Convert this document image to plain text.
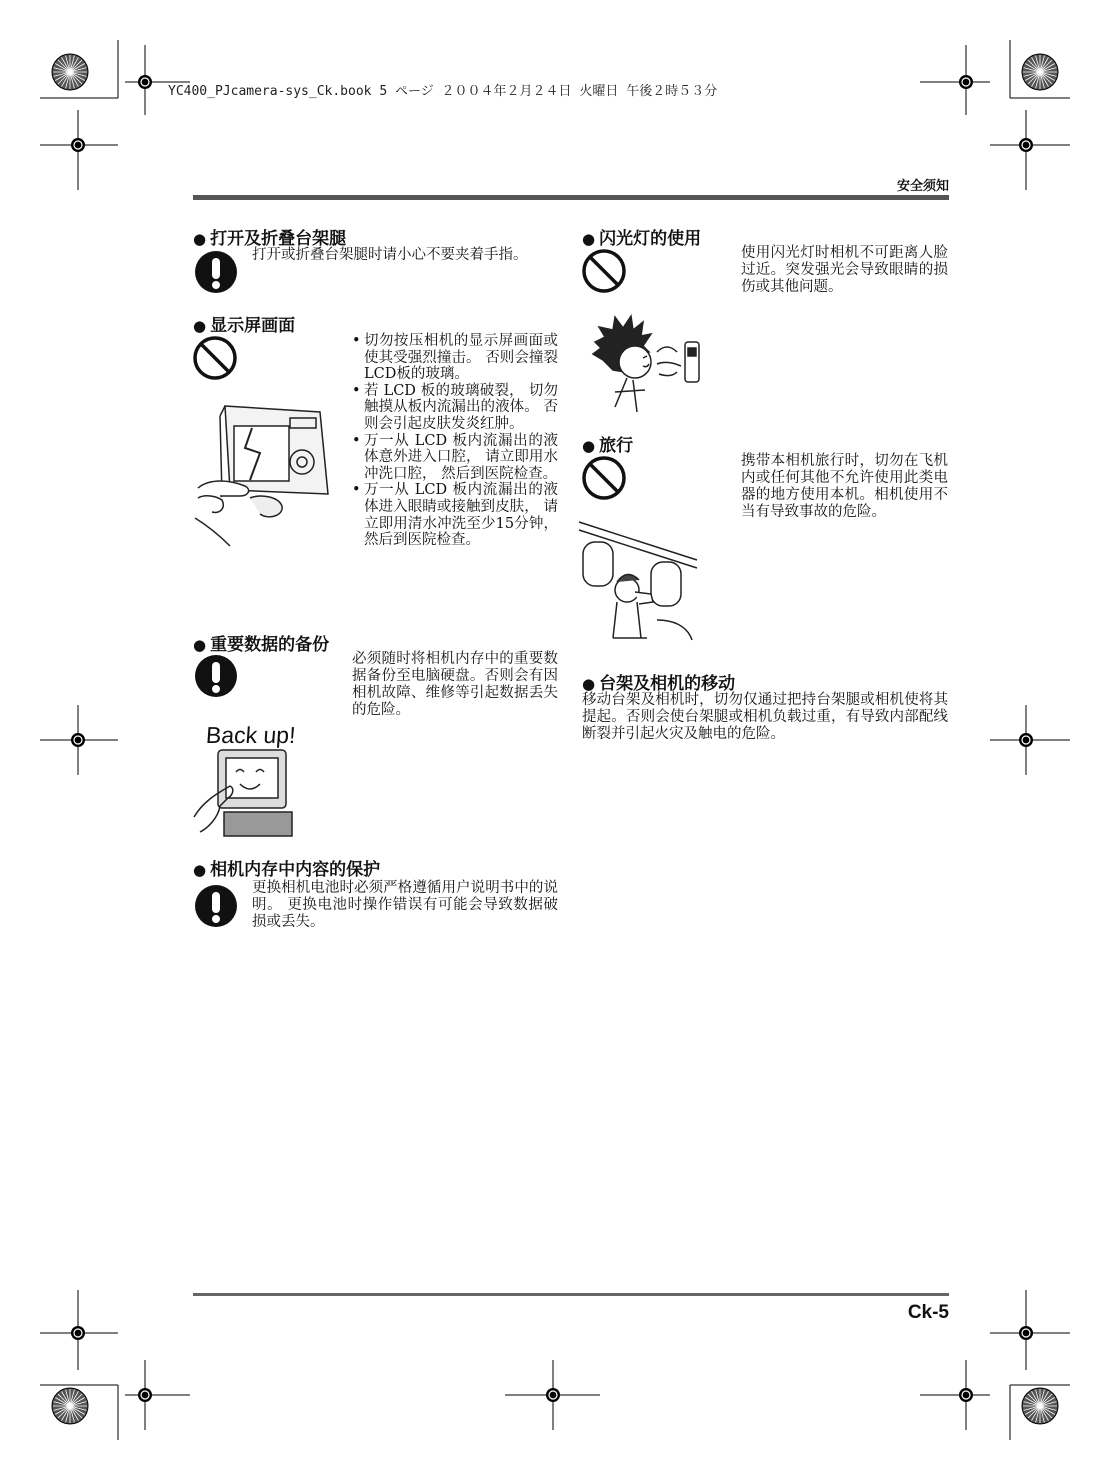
YC400_PJcamera-sys_Ck.book 5 ページ ２００４年２月２４日 火曜日 午後２時５３分
安全须知
● 打开及折叠台架腿
打开或折叠台架腿时请小心不要夹着手指。
● 显示屏画面
• 切勿按压相机的显示屏画面或使其受强烈撞击。 否则会撞裂LCD板的玻璃。
• 若 LCD 板的玻璃破裂， 切勿触摸从板内流漏出的液体。 否则会引起皮肤发炎红肿。
• 万一从 LCD 板内流漏出的液体意外进入口腔， 请立即用水冲洗口腔， 然后到医院检查。
• 万一从 LCD 板内流漏出的液体进入眼睛或接触到皮肤， 请立即用清水冲洗至少15分钟， 然后到医院检查。
● 重要数据的备份
必须随时将相机内存中的重要数据备份至电脑硬盘。否则会有因相机故障、维修等引起数据丢失的危险。
Back up!
● 相机内存中内容的保护
更换相机电池时必须严格遵循用户说明书中的说明。 更换电池时操作错误有可能会导致数据破损或丢失。
● 闪光灯的使用
使用闪光灯时相机不可距离人脸过近。突发强光会导致眼睛的损伤或其他问题。
● 旅行
携带本相机旅行时，切勿在飞机内或任何其他不允许使用此类电器的地方使用本机。相机使用不当有导致事故的危险。
● 台架及相机的移动
移动台架及相机时，切勿仅通过把持台架腿或相机使将其提起。否则会使台架腿或相机负载过重，有导致内部配线断裂并引起火灾及触电的危险。
Ck-5
